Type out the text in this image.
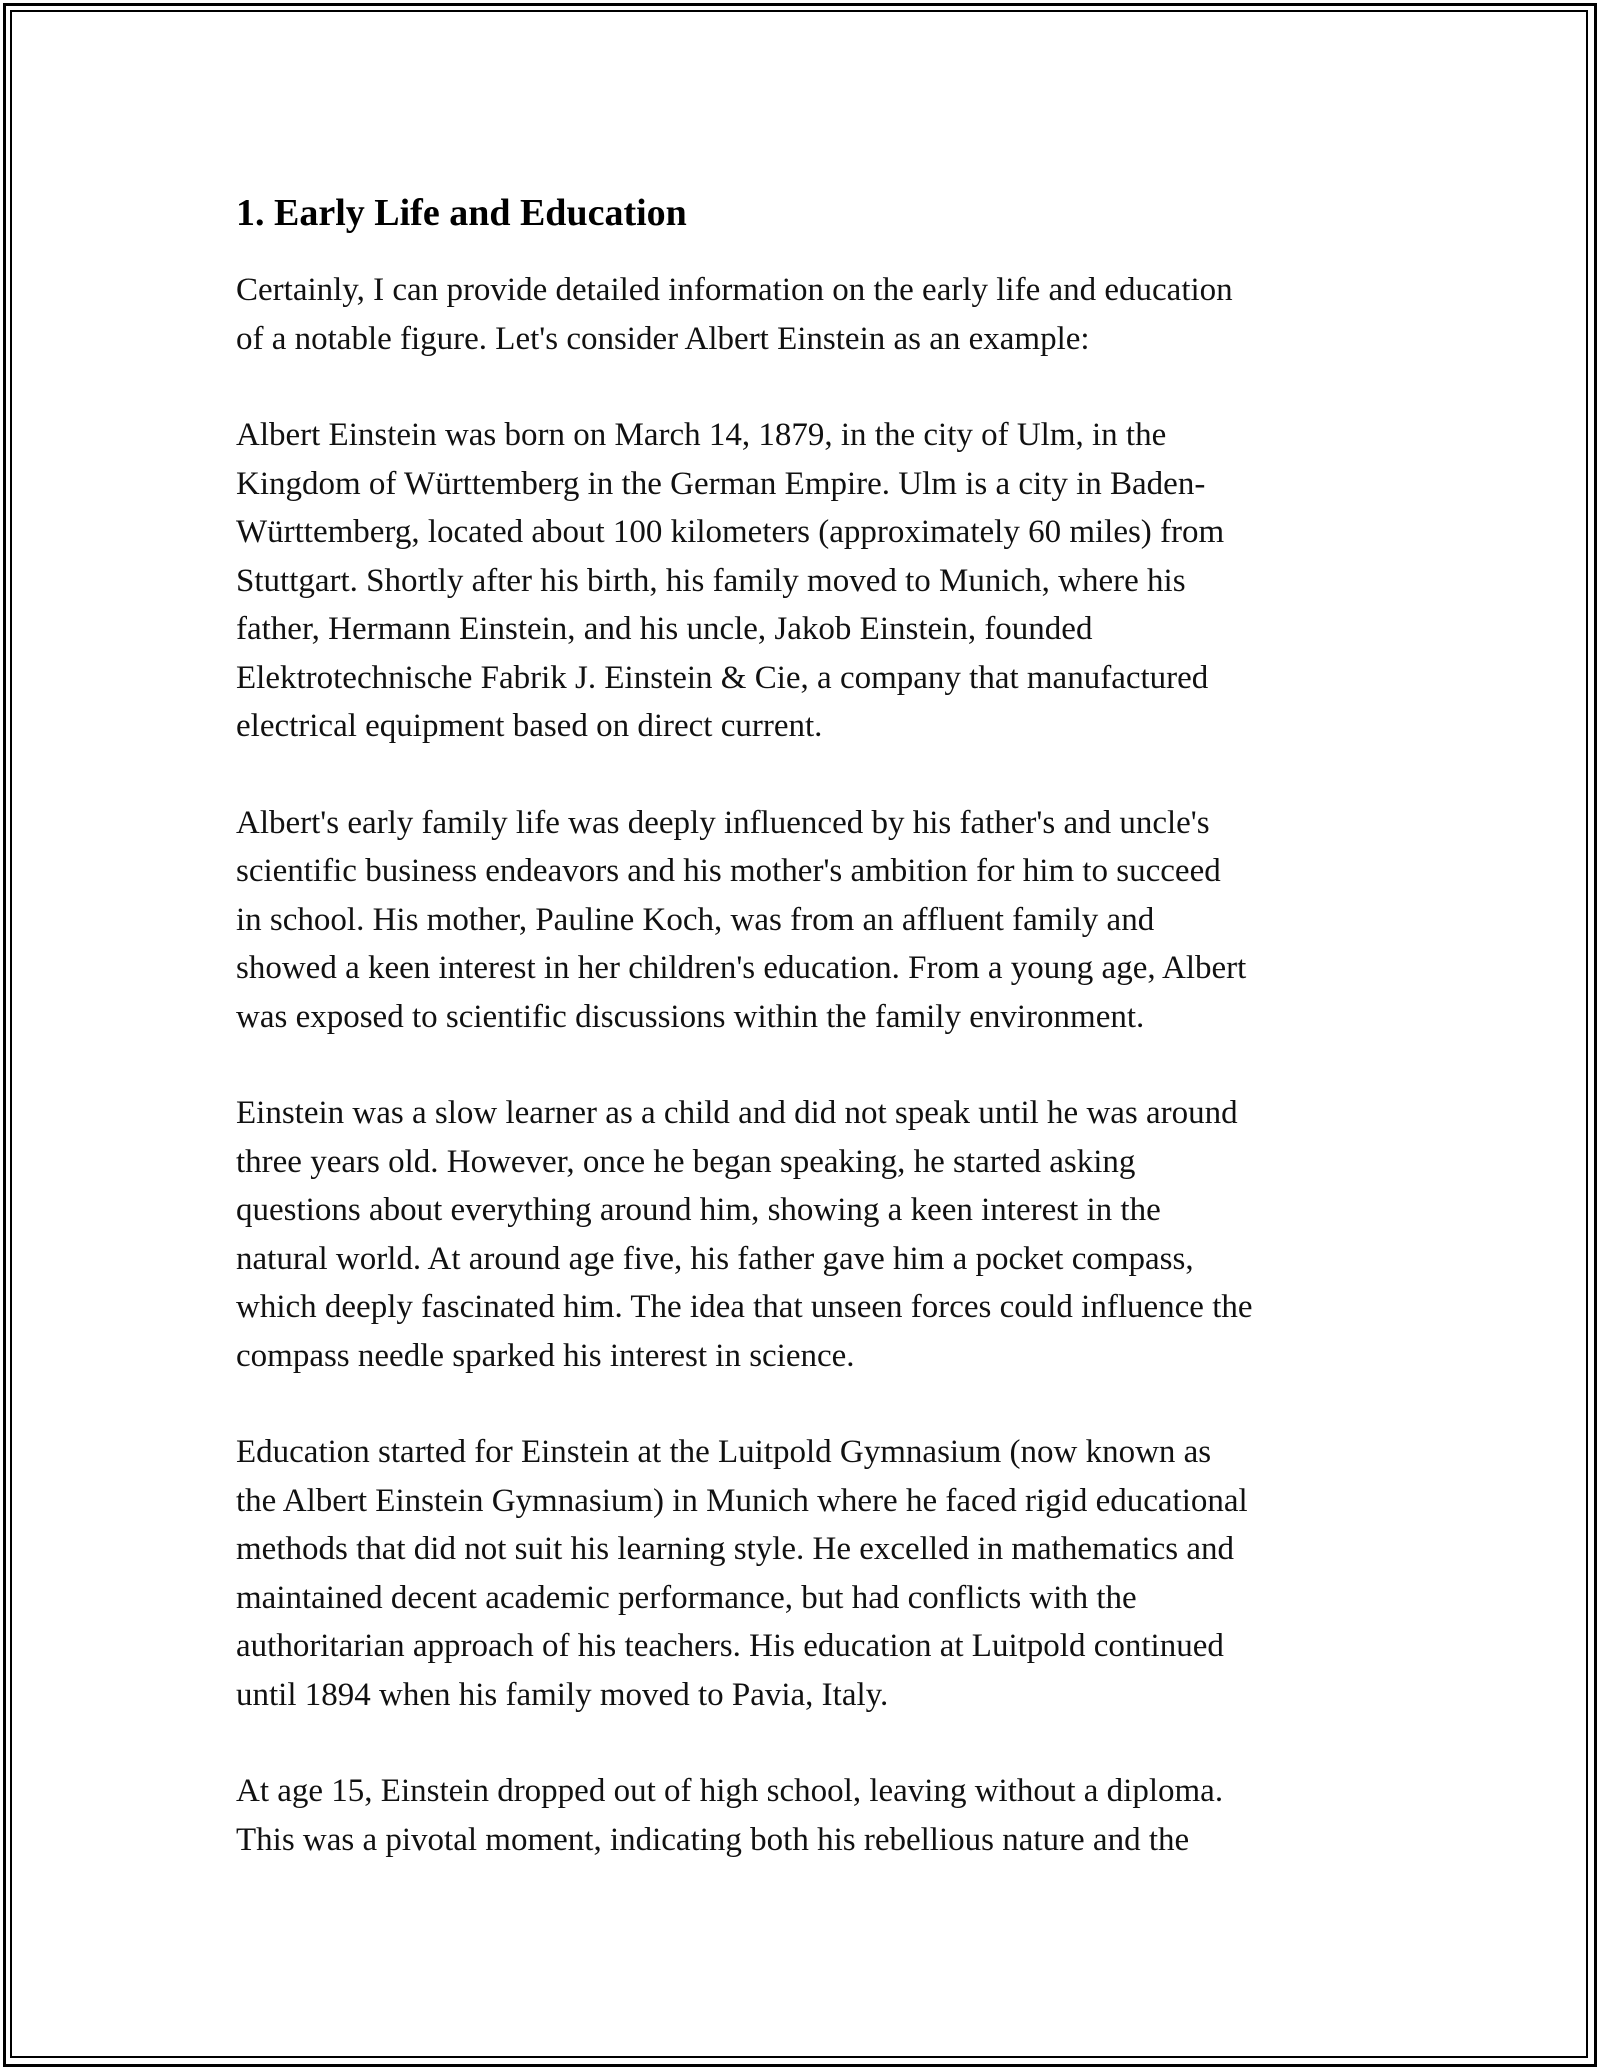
1. Early Life and Education

Certainly, I can provide detailed information on the early life and education
of a notable figure. Let's consider Albert Einstein as an example:

Albert Einstein was born on March 14, 1879, in the city of Ulm, in the
Kingdom of Württemberg in the German Empire. Ulm is a city in Baden-
Württemberg, located about 100 kilometers (approximately 60 miles) from
Stuttgart. Shortly after his birth, his family moved to Munich, where his
father, Hermann Einstein, and his uncle, Jakob Einstein, founded
Elektrotechnische Fabrik J. Einstein & Cie, a company that manufactured
electrical equipment based on direct current.

Albert's early family life was deeply influenced by his father's and uncle's
scientific business endeavors and his mother's ambition for him to succeed
in school. His mother, Pauline Koch, was from an affluent family and
showed a keen interest in her children's education. From a young age, Albert
was exposed to scientific discussions within the family environment.

Einstein was a slow learner as a child and did not speak until he was around
three years old. However, once he began speaking, he started asking
questions about everything around him, showing a keen interest in the
natural world. At around age five, his father gave him a pocket compass,
which deeply fascinated him. The idea that unseen forces could influence the
compass needle sparked his interest in science.

Education started for Einstein at the Luitpold Gymnasium (now known as
the Albert Einstein Gymnasium) in Munich where he faced rigid educational
methods that did not suit his learning style. He excelled in mathematics and
maintained decent academic performance, but had conflicts with the
authoritarian approach of his teachers. His education at Luitpold continued
until 1894 when his family moved to Pavia, Italy.

At age 15, Einstein dropped out of high school, leaving without a diploma.
This was a pivotal moment, indicating both his rebellious nature and the
